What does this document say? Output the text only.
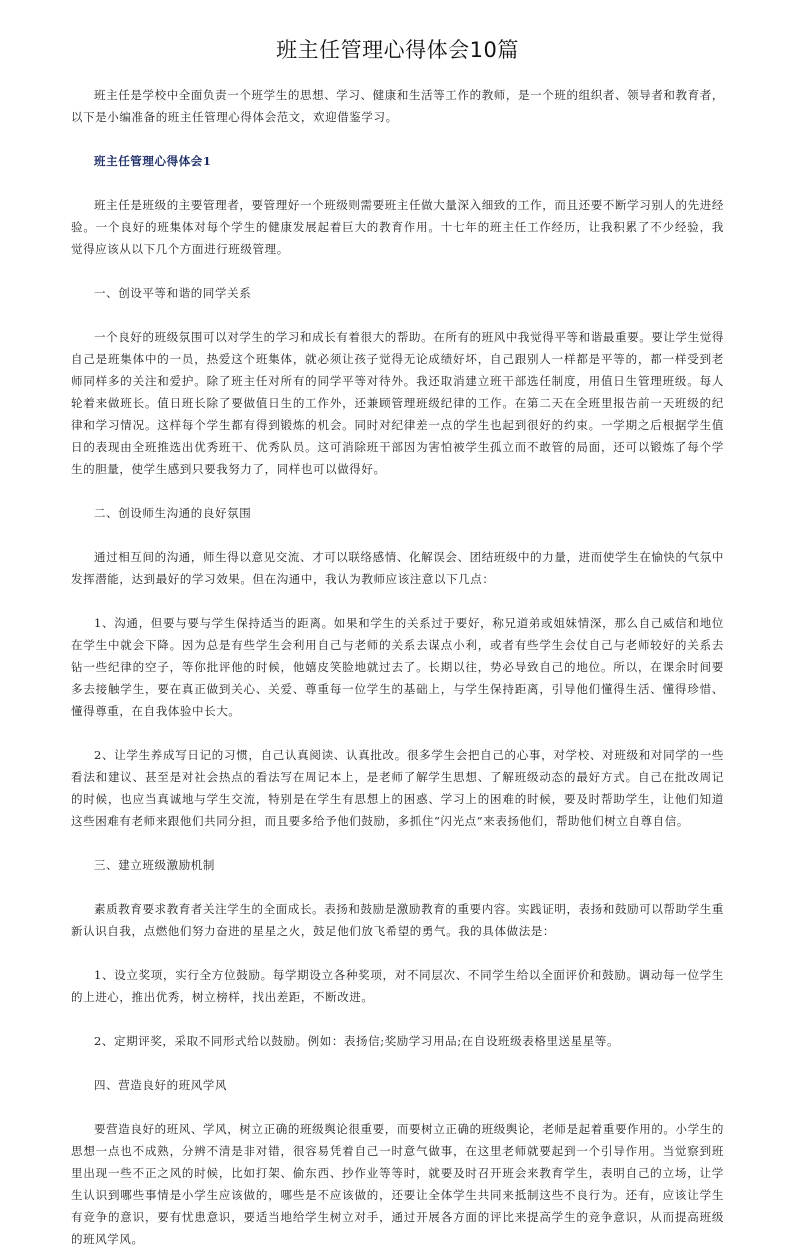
班主任管理心得体会10篇

班主任是学校中全面负责一个班学生的思想、学习、健康和生活等工作的教师，是一个班的组织者、领导者和教育者，以下是小编准备的班主任管理心得体会范文，欢迎借鉴学习。

班主任管理心得体会1

班主任是班级的主要管理者，要管理好一个班级则需要班主任做大量深入细致的工作，而且还要不断学习别人的先进经验。一个良好的班集体对每个学生的健康发展起着巨大的教育作用。十七年的班主任工作经历，让我积累了不少经验，我觉得应该从以下几个方面进行班级管理。

一、创设平等和谐的同学关系

一个良好的班级氛围可以对学生的学习和成长有着很大的帮助。在所有的班风中我觉得平等和谐最重要。要让学生觉得自己是班集体中的一员，热爱这个班集体，就必须让孩子觉得无论成绩好坏，自己跟别人一样都是平等的，都一样受到老师同样多的关注和爱护。除了班主任对所有的同学平等对待外。我还取消建立班干部选任制度，用值日生管理班级。每人轮着来做班长。值日班长除了要做值日生的工作外，还兼顾管理班级纪律的工作。在第二天在全班里报告前一天班级的纪律和学习情况。这样每个学生都有得到锻炼的机会。同时对纪律差一点的学生也起到很好的约束。一学期之后根据学生值日的表现由全班推选出优秀班干、优秀队员。这可消除班干部因为害怕被学生孤立而不敢管的局面，还可以锻炼了每个学生的胆量，使学生感到只要我努力了，同样也可以做得好。

二、创设师生沟通的良好氛围

通过相互间的沟通，师生得以意见交流、才可以联络感情、化解误会、团结班级中的力量，进而使学生在愉快的气氛中发挥潜能，达到最好的学习效果。但在沟通中，我认为教师应该注意以下几点：

1、沟通，但要与要与学生保持适当的距离。如果和学生的关系过于要好，称兄道弟或姐妹情深，那么自己威信和地位在学生中就会下降。因为总是有些学生会利用自己与老师的关系去谋点小利，或者有些学生会仗自己与老师较好的关系去钻一些纪律的空子，等你批评他的时候，他嬉皮笑脸地就过去了。长期以往，势必导致自己的地位。所以，在课余时间要多去接触学生，要在真正做到关心、关爱、尊重每一位学生的基础上，与学生保持距离，引导他们懂得生活、懂得珍惜、懂得尊重，在自我体验中长大。

2、让学生养成写日记的习惯，自己认真阅读、认真批改。很多学生会把自己的心事，对学校、对班级和对同学的一些看法和建议、甚至是对社会热点的看法写在周记本上，是老师了解学生思想、了解班级动态的最好方式。自己在批改周记的时候，也应当真诚地与学生交流，特别是在学生有思想上的困惑、学习上的困难的时候，要及时帮助学生，让他们知道这些困难有老师来跟他们共同分担，而且要多给予他们鼓励，多抓住“闪光点”来表扬他们，帮助他们树立自尊自信。

三、建立班级激励机制

素质教育要求教育者关注学生的全面成长。表扬和鼓励是激励教育的重要内容。实践证明，表扬和鼓励可以帮助学生重新认识自我，点燃他们努力奋进的星星之火，鼓足他们放飞希望的勇气。我的具体做法是：

1、设立奖项，实行全方位鼓励。每学期设立各种奖项，对不同层次、不同学生给以全面评价和鼓励。调动每一位学生的上进心，推出优秀，树立榜样，找出差距，不断改进。

2、定期评奖，采取不同形式给以鼓励。例如：表扬信;奖励学习用品;在自设班级表格里送星星等。

四、营造良好的班风学风

要营造良好的班风、学风，树立正确的班级舆论很重要，而要树立正确的班级舆论，老师是起着重要作用的。小学生的思想一点也不成熟，分辨不清是非对错，很容易凭着自己一时意气做事，在这里老师就要起到一个引导作用。当觉察到班里出现一些不正之风的时候，比如打架、偷东西、抄作业等等时，就要及时召开班会来教育学生，表明自己的立场，让学生认识到哪些事情是小学生应该做的，哪些是不应该做的，还要让全体学生共同来抵制这些不良行为。还有，应该让学生有竞争的意识，要有忧患意识，要适当地给学生树立对手，通过开展各方面的评比来提高学生的竞争意识，从而提高班级的班风学风。
